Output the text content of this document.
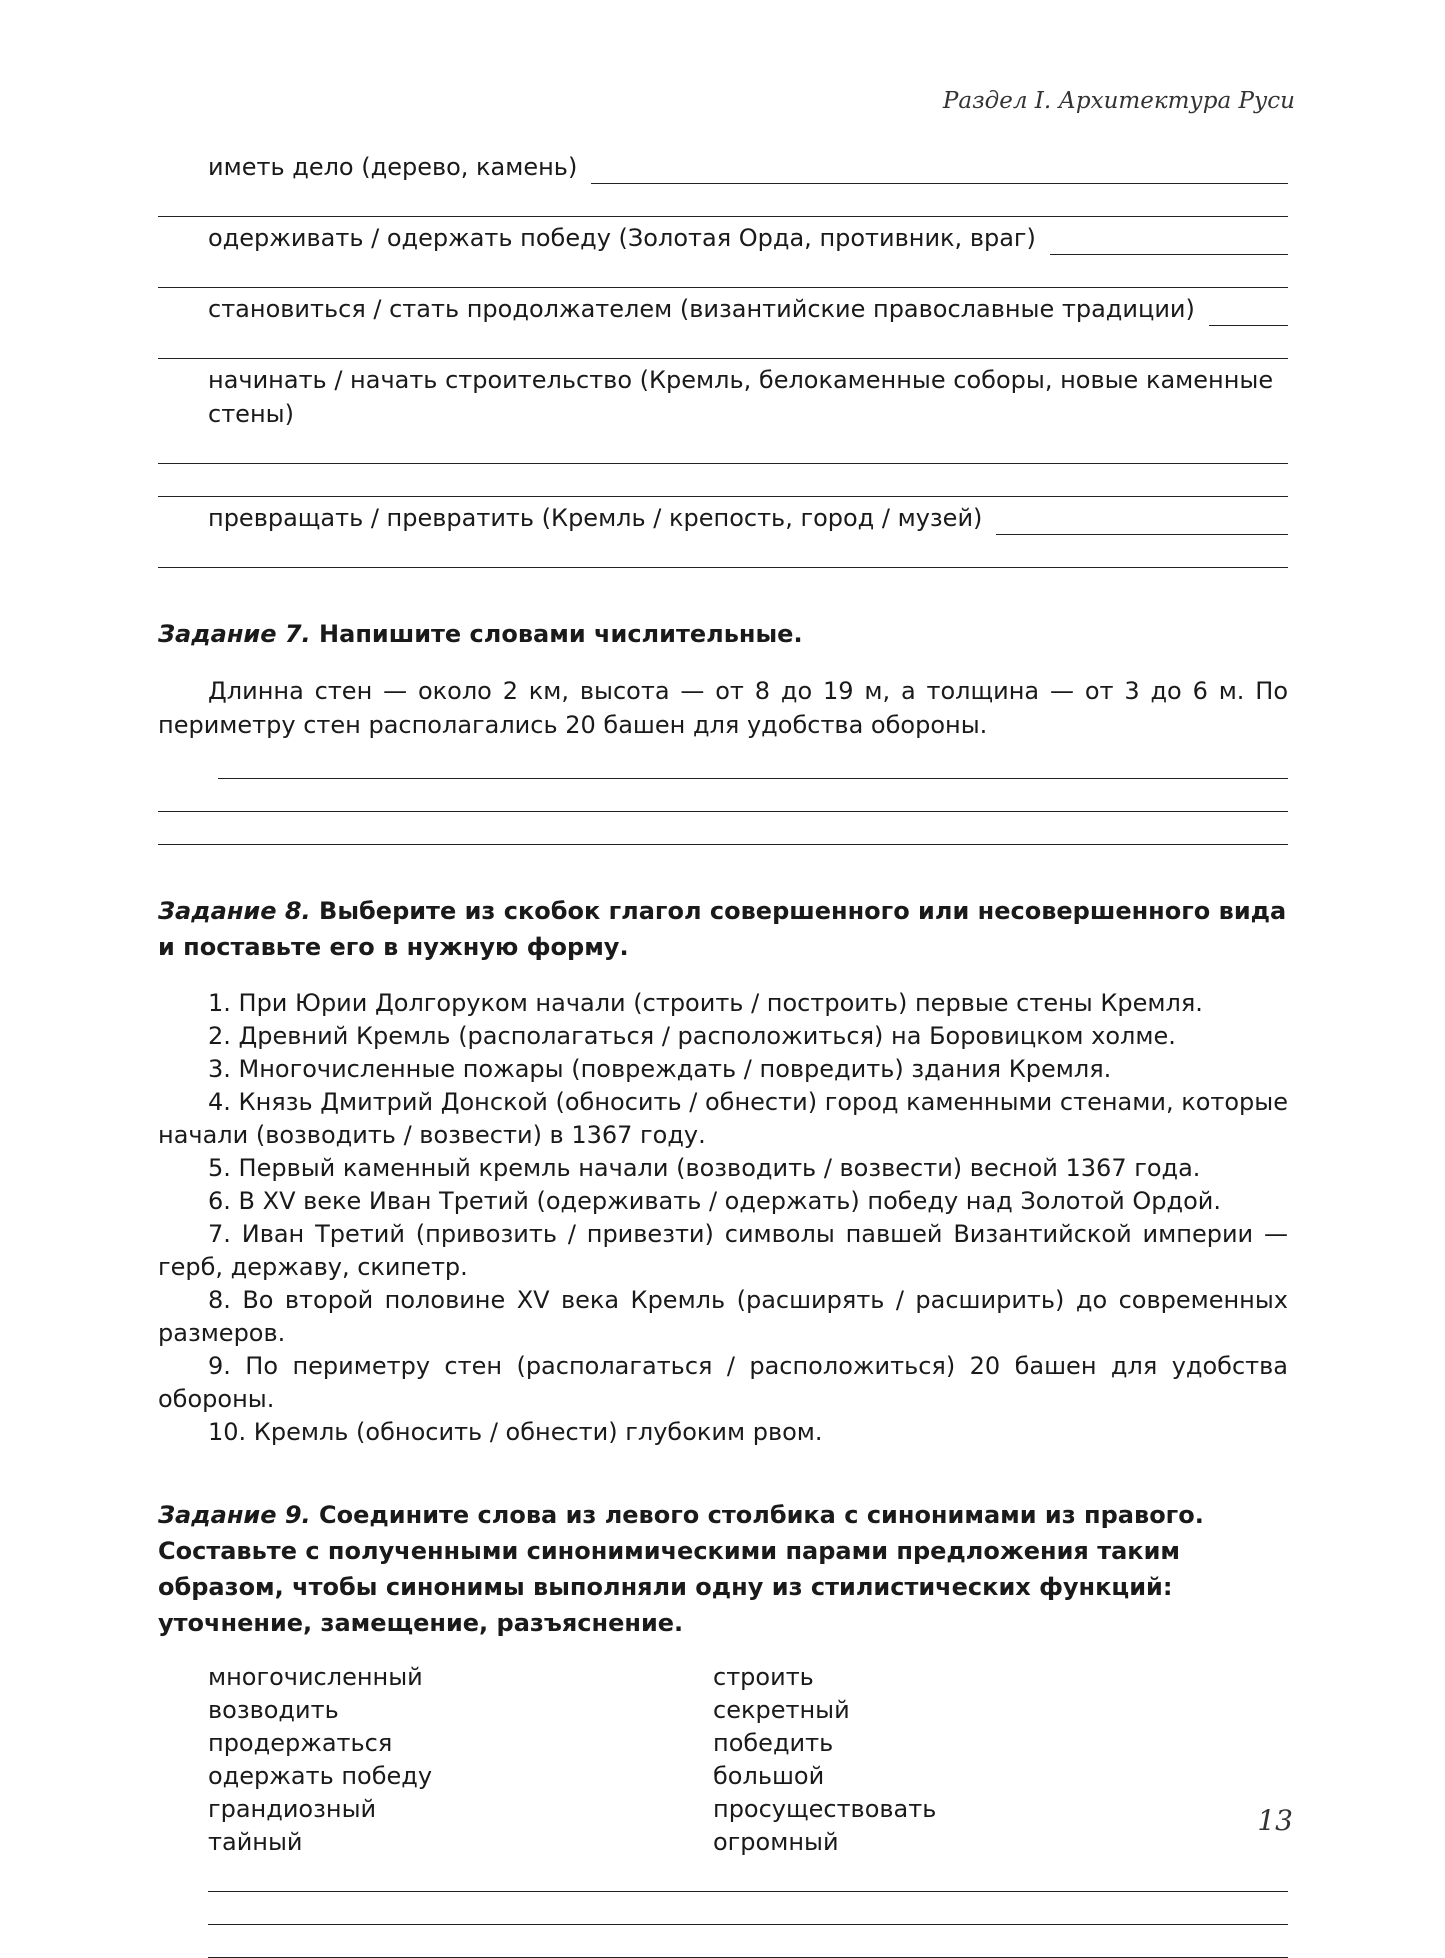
Раздел I. Архитектура Руси
иметь дело (дерево, камень)
одерживать / одержать победу (Золотая Орда, противник, враг)
становиться / стать продолжателем (византийские православные традиции)
начинать / начать строительство (Кремль, белокаменные соборы, новые каменные стены)
превращать / превратить (Кремль / крепость, город / музей)
Задание 7. Напишите словами числительные.
Длинна стен — около 2 км, высота — от 8 до 19 м, а толщина — от 3 до 6 м. По периметру стен располагались 20 башен для удобства обороны.
Задание 8. Выберите из скобок глагол совершенного или несовершенного вида и поставьте его в нужную форму.
1. При Юрии Долгоруком начали (строить / построить) первые стены Кремля.
2. Древний Кремль (располагаться / расположиться) на Боровицком холме.
3. Многочисленные пожары (повреждать / повредить) здания Кремля.
4. Князь Дмитрий Донской (обносить / обнести) город каменными стенами, которые начали (возводить / возвести) в 1367 году.
5. Первый каменный кремль начали (возводить / возвести) весной 1367 года.
6. В XV веке Иван Третий (одерживать / одержать) победу над Золотой Ордой.
7. Иван Третий (привозить / привезти) символы павшей Византийской империи — герб, державу, скипетр.
8. Во второй половине XV века Кремль (расширять / расширить) до современных размеров.
9. По периметру стен (располагаться / расположиться) 20 башен для удобства обороны.
10. Кремль (обносить / обнести) глубоким рвом.
Задание 9. Соедините слова из левого столбика с синонимами из правого. Составьте с полученными синонимическими парами предложения таким образом, чтобы синонимы выполняли одну из стилистических функций: уточнение, замещение, разъяснение.
многочисленный	строить
возводить	секретный
продержаться	победить
одержать победу	большой
грандиозный	просуществовать
тайный	огромный
13
